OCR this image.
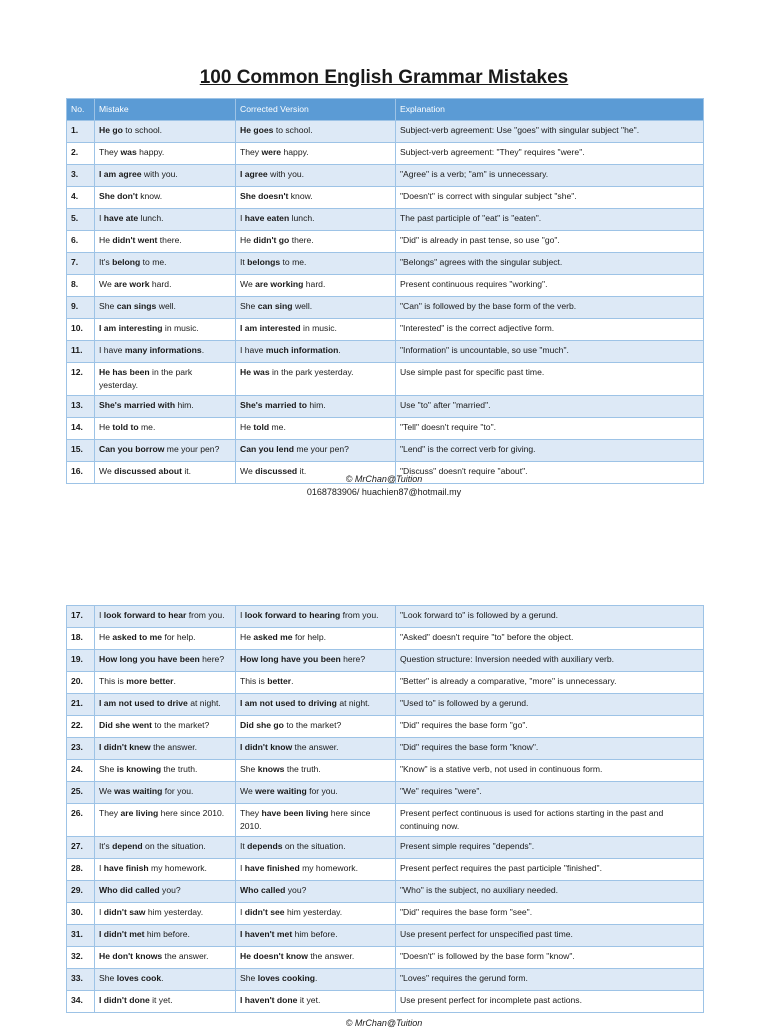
100 Common English Grammar Mistakes
No.	Mistake	Corrected Version	Explanation
1.	He go to school.	He goes to school.	Subject-verb agreement: Use "goes" with singular subject "he".
2.	They was happy.	They were happy.	Subject-verb agreement: "They" requires "were".
3.	I am agree with you.	I agree with you.	"Agree" is a verb; "am" is unnecessary.
4.	She don't know.	She doesn't know.	"Doesn't" is correct with singular subject "she".
5.	I have ate lunch.	I have eaten lunch.	The past participle of "eat" is "eaten".
6.	He didn't went there.	He didn't go there.	"Did" is already in past tense, so use "go".
7.	It's belong to me.	It belongs to me.	"Belongs" agrees with the singular subject.
8.	We are work hard.	We are working hard.	Present continuous requires "working".
9.	She can sings well.	She can sing well.	"Can" is followed by the base form of the verb.
10.	I am interesting in music.	I am interested in music.	"Interested" is the correct adjective form.
11.	I have many informations.	I have much information.	"Information" is uncountable, so use "much".
12.	He has been in the park yesterday.	He was in the park yesterday.	Use simple past for specific past time.
13.	She's married with him.	She's married to him.	Use "to" after "married".
14.	He told to me.	He told me.	"Tell" doesn't require "to".
15.	Can you borrow me your pen?	Can you lend me your pen?	"Lend" is the correct verb for giving.
16.	We discussed about it.	We discussed it.	"Discuss" doesn't require "about".
© MrChan@Tuition
0168783906/ huachien87@hotmail.my
17.	I look forward to hear from you.	I look forward to hearing from you.	"Look forward to" is followed by a gerund.
18.	He asked to me for help.	He asked me for help.	"Asked" doesn't require "to" before the object.
19.	How long you have been here?	How long have you been here?	Question structure: Inversion needed with auxiliary verb.
20.	This is more better.	This is better.	"Better" is already a comparative, "more" is unnecessary.
21.	I am not used to drive at night.	I am not used to driving at night.	"Used to" is followed by a gerund.
22.	Did she went to the market?	Did she go to the market?	"Did" requires the base form "go".
23.	I didn't knew the answer.	I didn't know the answer.	"Did" requires the base form "know".
24.	She is knowing the truth.	She knows the truth.	"Know" is a stative verb, not used in continuous form.
25.	We was waiting for you.	We were waiting for you.	"We" requires "were".
26.	They are living here since 2010.	They have been living here since 2010.	Present perfect continuous is used for actions starting in the past and continuing now.
27.	It's depend on the situation.	It depends on the situation.	Present simple requires "depends".
28.	I have finish my homework.	I have finished my homework.	Present perfect requires the past participle "finished".
29.	Who did called you?	Who called you?	"Who" is the subject, no auxiliary needed.
30.	I didn't saw him yesterday.	I didn't see him yesterday.	"Did" requires the base form "see".
31.	I didn't met him before.	I haven't met him before.	Use present perfect for unspecified past time.
32.	He don't knows the answer.	He doesn't know the answer.	"Doesn't" is followed by the base form "know".
33.	She loves cook.	She loves cooking.	"Loves" requires the gerund form.
34.	I didn't done it yet.	I haven't done it yet.	Use present perfect for incomplete past actions.
© MrChan@Tuition
